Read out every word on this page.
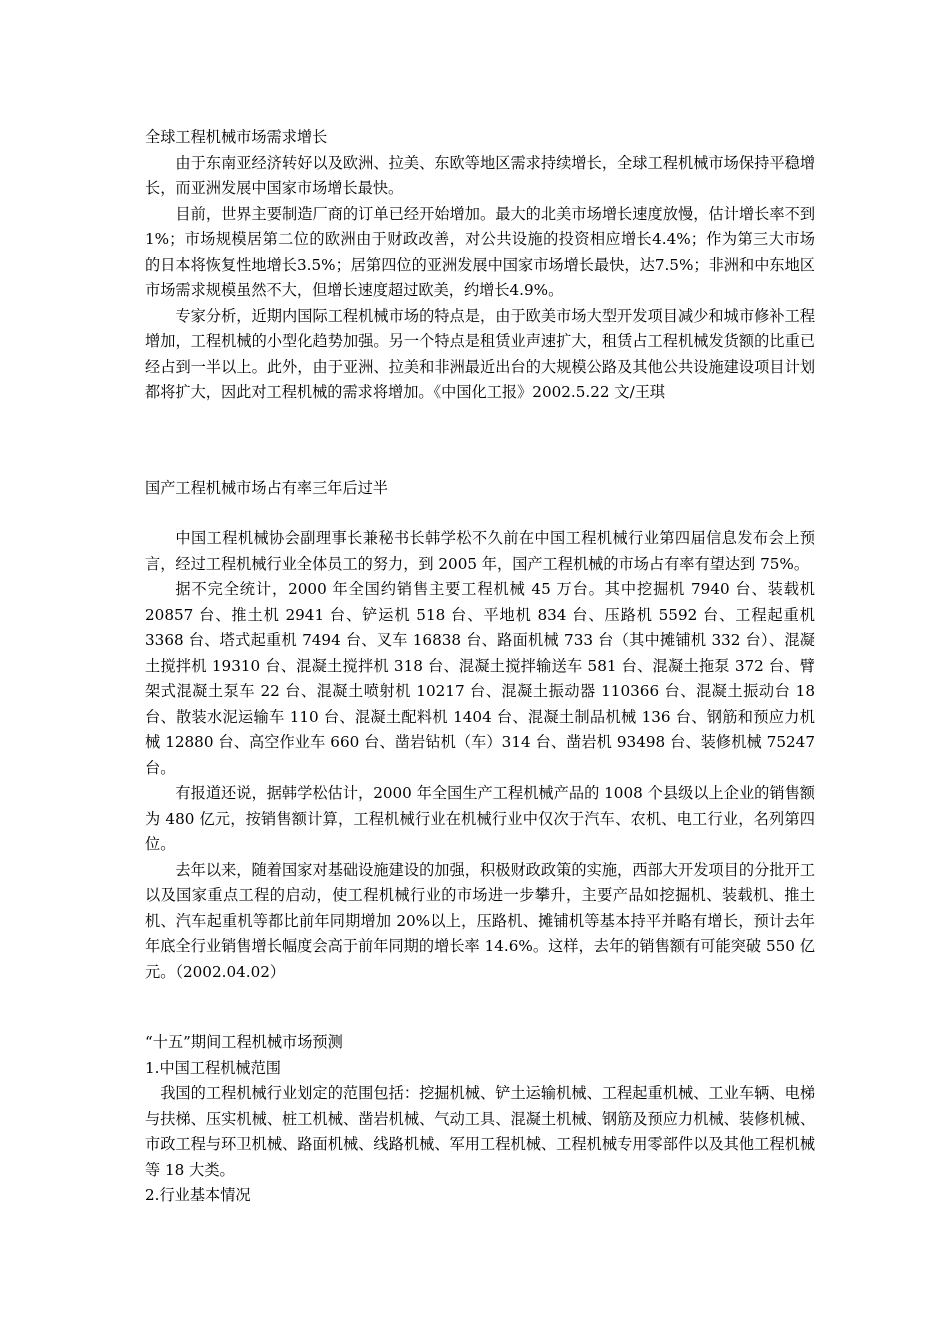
全球工程机械市场需求增长

由于东南亚经济转好以及欧洲、拉美、东欧等地区需求持续增长，全球工程机械市场保持平稳增长，而亚洲发展中国家市场增长最快。

目前，世界主要制造厂商的订单已经开始增加。最大的北美市场增长速度放慢，估计增长率不到1%；市场规模居第二位的欧洲由于财政改善，对公共设施的投资相应增长4.4%；作为第三大市场的日本将恢复性地增长3.5%；居第四位的亚洲发展中国家市场增长最快，达7.5%；非洲和中东地区市场需求规模虽然不大，但增长速度超过欧美，约增长4.9%。

专家分析，近期内国际工程机械市场的特点是，由于欧美市场大型开发项目减少和城市修补工程增加，工程机械的小型化趋势加强。另一个特点是租赁业声速扩大，租赁占工程机械发货额的比重已经占到一半以上。此外，由于亚洲、拉美和非洲最近出台的大规模公路及其他公共设施建设项目计划都将扩大，因此对工程机械的需求将增加。《中国化工报》2002.5.22 文/王琪

国产工程机械市场占有率三年后过半

中国工程机械协会副理事长兼秘书长韩学松不久前在中国工程机械行业第四届信息发布会上预言，经过工程机械行业全体员工的努力，到 2005 年，国产工程机械的市场占有率有望达到 75%。

据不完全统计，2000 年全国约销售主要工程机械 45 万台。其中挖掘机 7940 台、装载机 20857 台、推土机 2941 台、铲运机 518 台、平地机 834 台、压路机 5592 台、工程起重机 3368 台、塔式起重机 7494 台、叉车 16838 台、路面机械 733 台（其中摊铺机 332 台）、混凝土搅拌机 19310 台、混凝土搅拌机 318 台、混凝土搅拌输送车 581 台、混凝土拖泵 372 台、臂架式混凝土泵车 22 台、混凝土喷射机 10217 台、混凝土振动器 110366 台、混凝土振动台 18 台、散装水泥运输车 110 台、混凝土配料机 1404 台、混凝土制品机械 136 台、钢筋和预应力机械 12880 台、高空作业车 660 台、凿岩钻机（车）314 台、凿岩机 93498 台、装修机械 75247 台。

有报道还说，据韩学松估计，2000 年全国生产工程机械产品的 1008 个县级以上企业的销售额为 480 亿元，按销售额计算，工程机械行业在机械行业中仅次于汽车、农机、电工行业，名列第四位。

去年以来，随着国家对基础设施建设的加强，积极财政政策的实施，西部大开发项目的分批开工以及国家重点工程的启动，使工程机械行业的市场进一步攀升，主要产品如挖掘机、装载机、推土机、汽车起重机等都比前年同期增加 20%以上，压路机、摊铺机等基本持平并略有增长，预计去年年底全行业销售增长幅度会高于前年同期的增长率 14.6%。这样，去年的销售额有可能突破 550 亿元。（2002.04.02）

“十五”期间工程机械市场预测

1.中国工程机械范围

我国的工程机械行业划定的范围包括：挖掘机械、铲土运输机械、工程起重机械、工业车辆、电梯与扶梯、压实机械、桩工机械、凿岩机械、气动工具、混凝土机械、钢筋及预应力机械、装修机械、市政工程与环卫机械、路面机械、线路机械、军用工程机械、工程机械专用零部件以及其他工程机械等 18 大类。

2.行业基本情况
